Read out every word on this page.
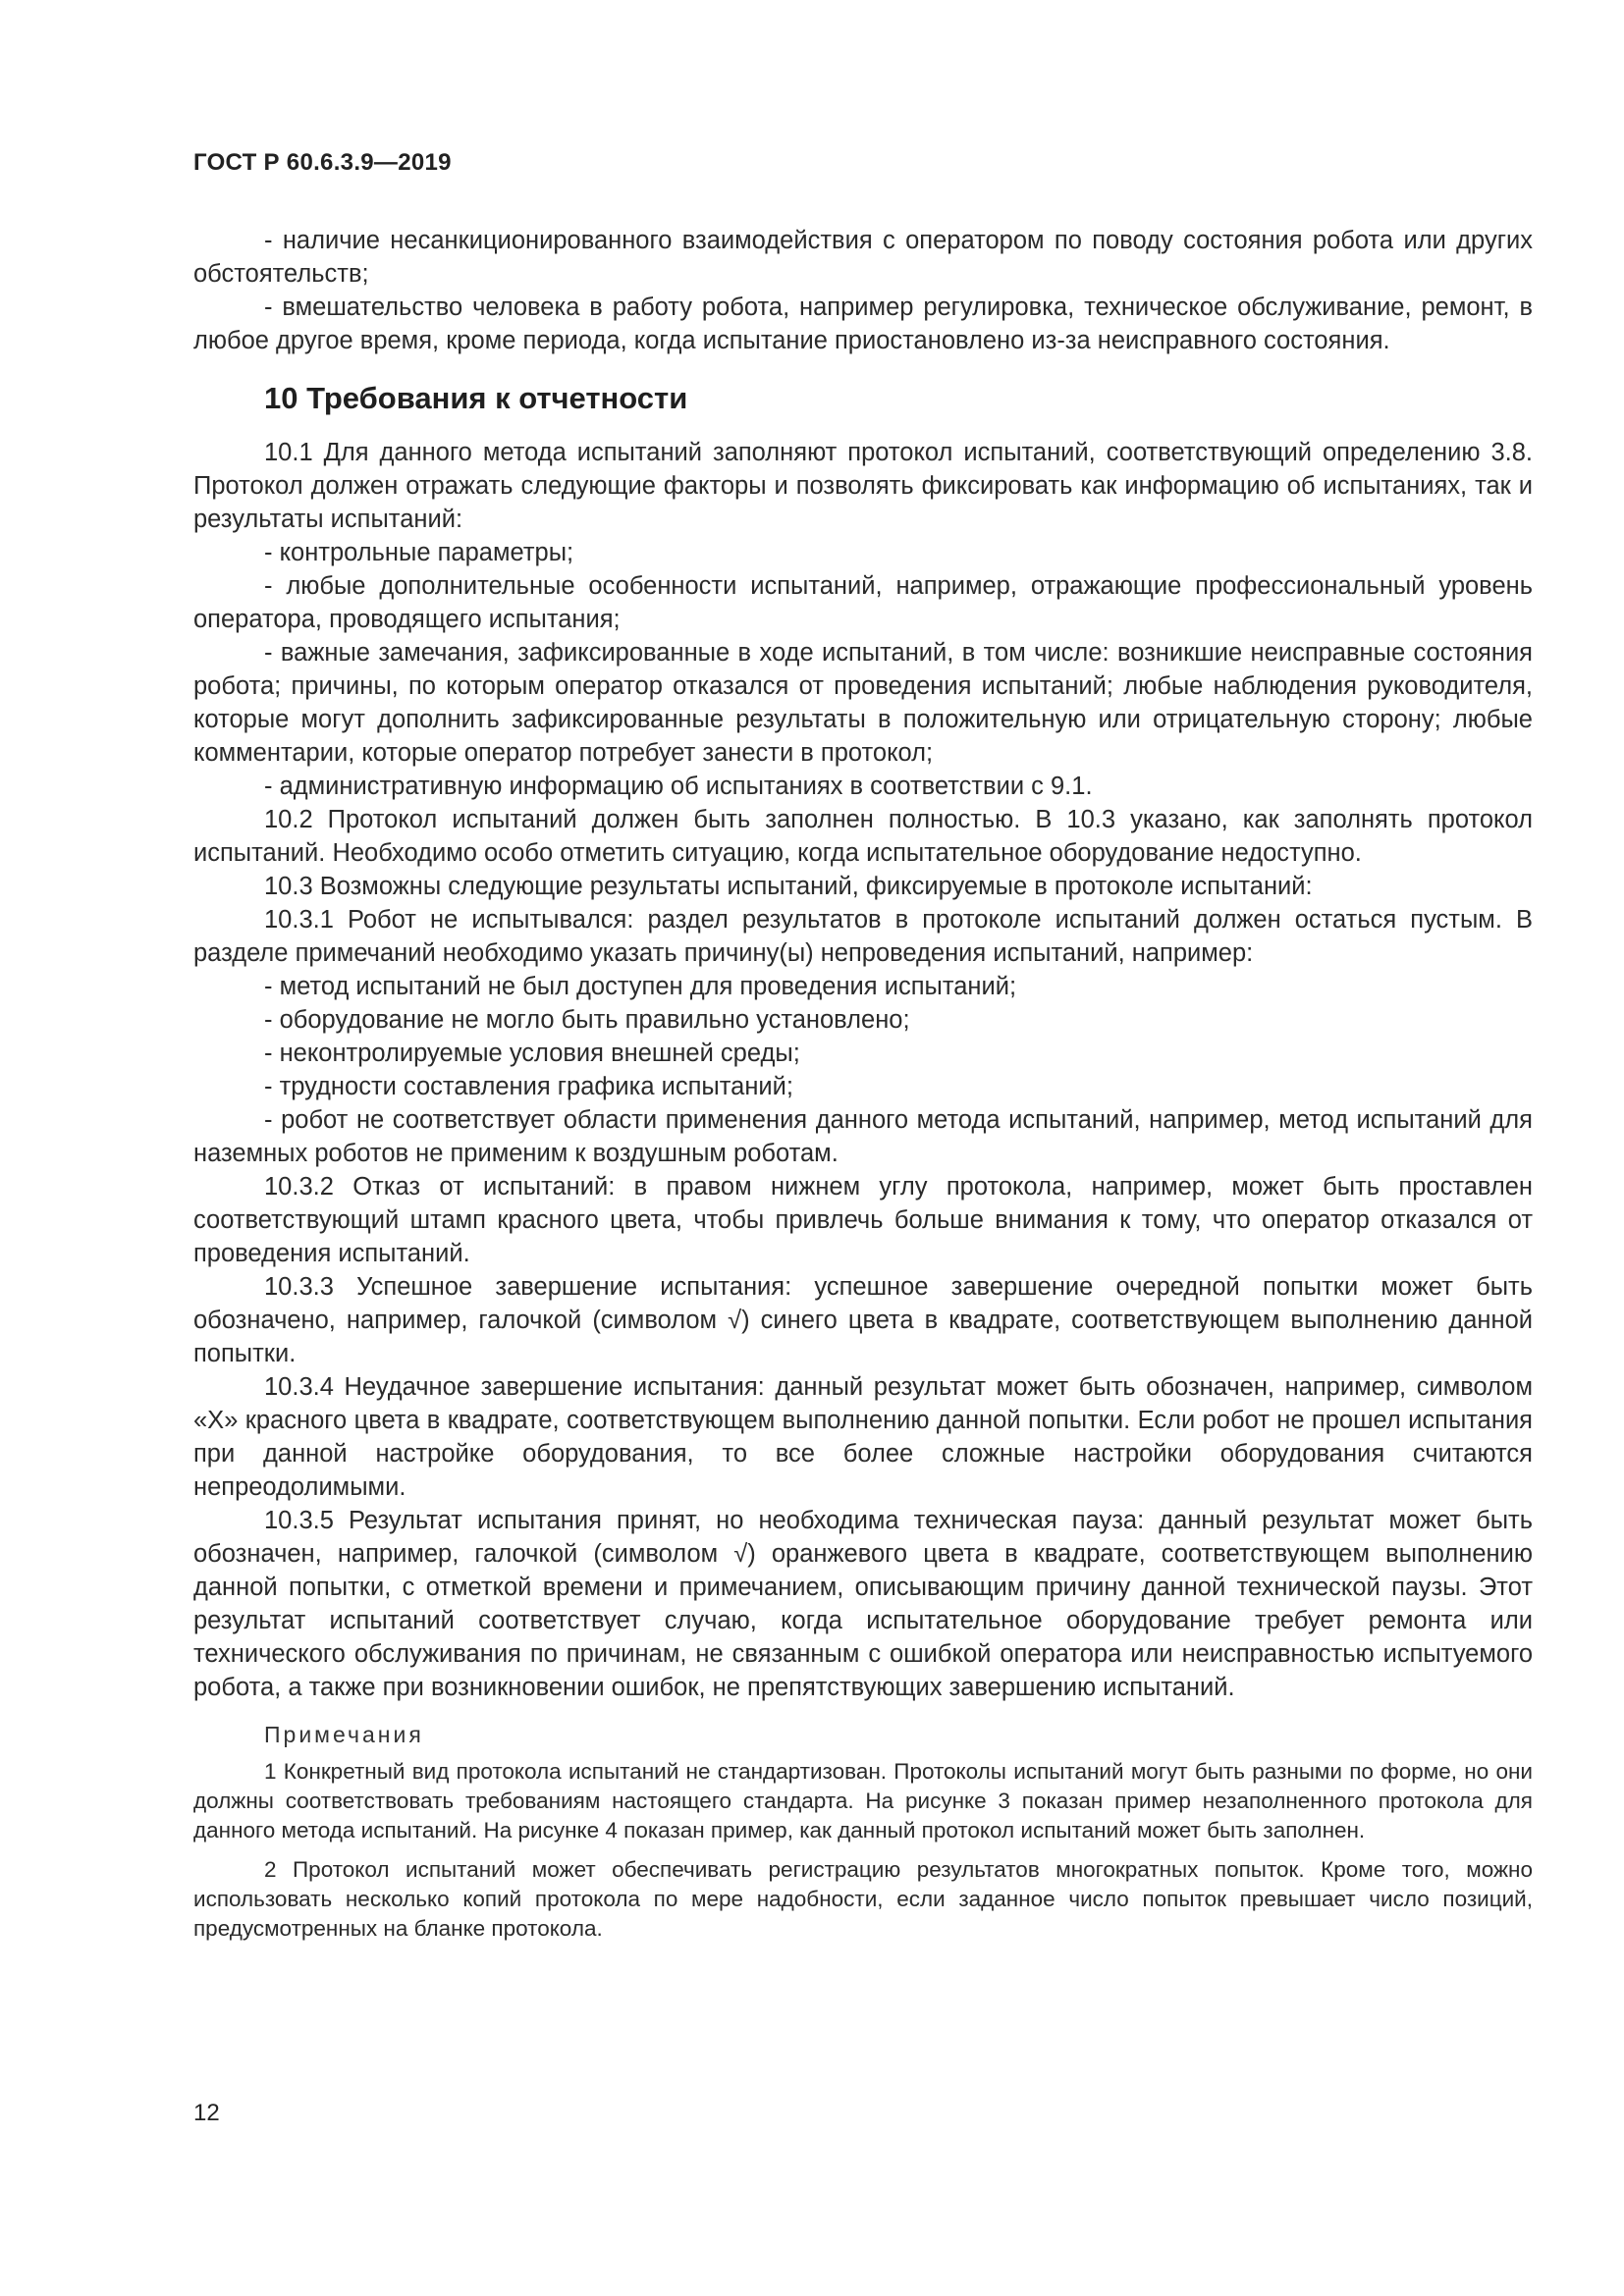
ГОСТ Р 60.6.3.9—2019

- наличие несанкиционированного взаимодействия с оператором по поводу состояния робота или других обстоятельств;

- вмешательство человека в работу робота, например регулировка, техническое обслуживание, ремонт, в любое другое время, кроме периода, когда испытание приостановлено из-за неисправного состояния.

10 Требования к отчетности

10.1 Для данного метода испытаний заполняют протокол испытаний, соответствующий определению 3.8. Протокол должен отражать следующие факторы и позволять фиксировать как информацию об испытаниях, так и результаты испытаний:

- контрольные параметры;

- любые дополнительные особенности испытаний, например, отражающие профессиональный уровень оператора, проводящего испытания;

- важные замечания, зафиксированные в ходе испытаний, в том числе: возникшие неисправные состояния робота; причины, по которым оператор отказался от проведения испытаний; любые наблюдения руководителя, которые могут дополнить зафиксированные результаты в положительную или отрицательную сторону; любые комментарии, которые оператор потребует занести в протокол;

- административную информацию об испытаниях в соответствии с 9.1.

10.2 Протокол испытаний должен быть заполнен полностью. В 10.3 указано, как заполнять протокол испытаний. Необходимо особо отметить ситуацию, когда испытательное оборудование недоступно.

10.3 Возможны следующие результаты испытаний, фиксируемые в протоколе испытаний:

10.3.1 Робот не испытывался: раздел результатов в протоколе испытаний должен остаться пустым. В разделе примечаний необходимо указать причину(ы) непроведения испытаний, например:

- метод испытаний не был доступен для проведения испытаний;

- оборудование не могло быть правильно установлено;

- неконтролируемые условия внешней среды;

- трудности составления графика испытаний;

- робот не соответствует области применения данного метода испытаний, например, метод испытаний для наземных роботов не применим к воздушным роботам.

10.3.2 Отказ от испытаний: в правом нижнем углу протокола, например, может быть проставлен соответствующий штамп красного цвета, чтобы привлечь больше внимания к тому, что оператор отказался от проведения испытаний.

10.3.3 Успешное завершение испытания: успешное завершение очередной попытки может быть обозначено, например, галочкой (символом √) синего цвета в квадрате, соответствующем выполнению данной попытки.

10.3.4 Неудачное завершение испытания: данный результат может быть обозначен, например, символом «X» красного цвета в квадрате, соответствующем выполнению данной попытки. Если робот не прошел испытания при данной настройке оборудования, то все более сложные настройки оборудования считаются непреодолимыми.

10.3.5 Результат испытания принят, но необходима техническая пауза: данный результат может быть обозначен, например, галочкой (символом √) оранжевого цвета в квадрате, соответствующем выполнению данной попытки, с отметкой времени и примечанием, описывающим причину данной технической паузы. Этот результат испытаний соответствует случаю, когда испытательное оборудование требует ремонта или технического обслуживания по причинам, не связанным с ошибкой оператора или неисправностью испытуемого робота, а также при возникновении ошибок, не препятствующих завершению испытаний.

Примечания

1 Конкретный вид протокола испытаний не стандартизован. Протоколы испытаний могут быть разными по форме, но они должны соответствовать требованиям настоящего стандарта. На рисунке 3 показан пример незаполненного протокола для данного метода испытаний. На рисунке 4 показан пример, как данный протокол испытаний может быть заполнен.

2 Протокол испытаний может обеспечивать регистрацию результатов многократных попыток. Кроме того, можно использовать несколько копий протокола по мере надобности, если заданное число попыток превышает число позиций, предусмотренных на бланке протокола.

12
